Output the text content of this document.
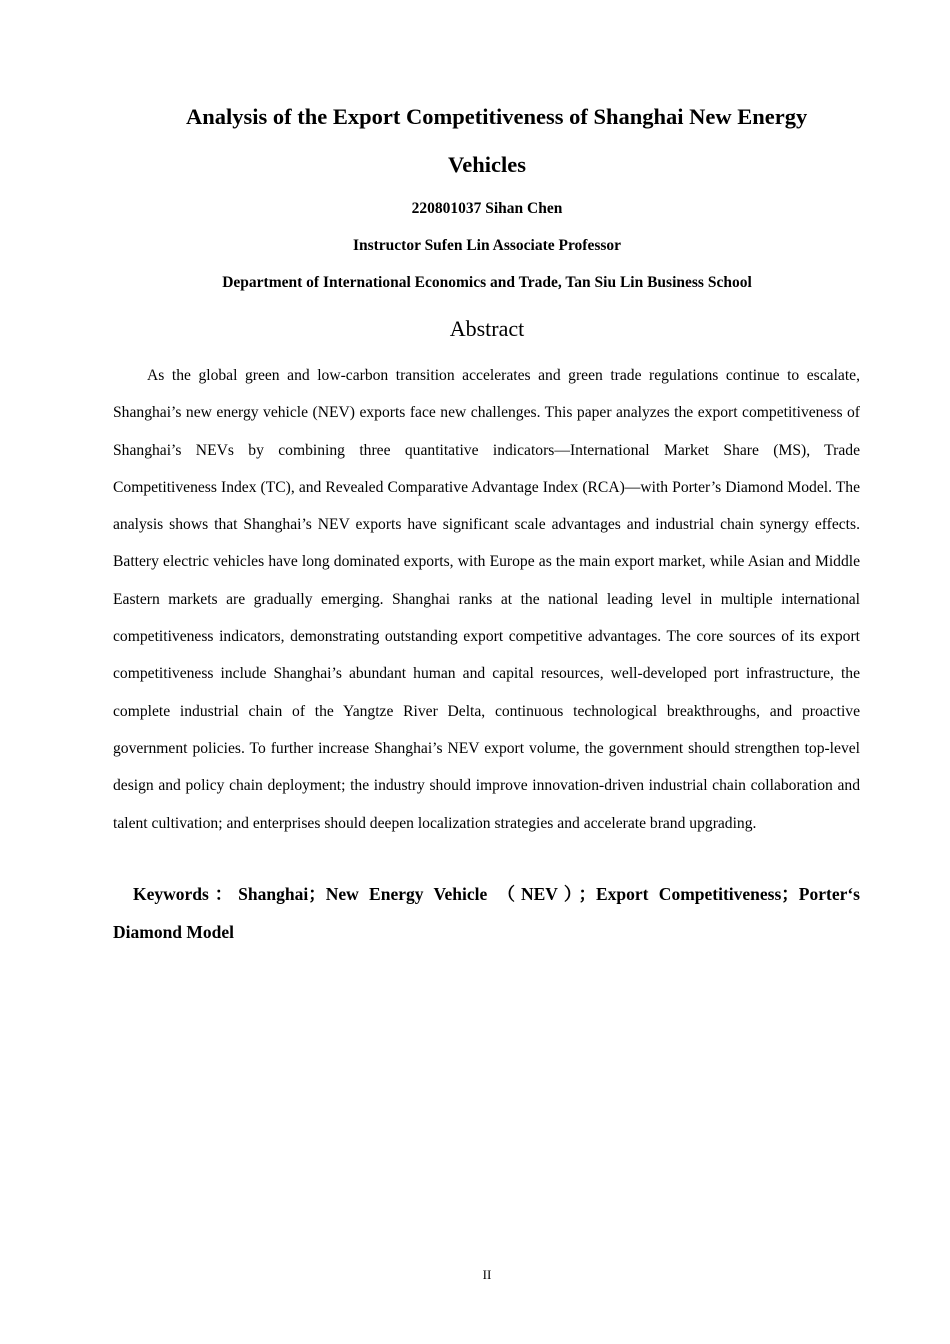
Analysis of the Export Competitiveness of Shanghai New Energy
Vehicles
220801037 Sihan Chen
Instructor Sufen Lin Associate Professor
Department of International Economics and Trade, Tan Siu Lin Business School
Abstract

As the global green and low-carbon transition accelerates and green trade regulations continue to escalate, Shanghai’s new energy vehicle (NEV) exports face new challenges. This paper analyzes the export competitiveness of Shanghai’s NEVs by combining three quantitative indicators—International Market Share (MS), Trade Competitiveness Index (TC), and Revealed Comparative Advantage Index (RCA)—with Porter’s Diamond Model. The analysis shows that Shanghai’s NEV exports have significant scale advantages and industrial chain synergy effects. Battery electric vehicles have long dominated exports, with Europe as the main export market, while Asian and Middle Eastern markets are gradually emerging. Shanghai ranks at the national leading level in multiple international competitiveness indicators, demonstrating outstanding export competitive advantages. The core sources of its export competitiveness include Shanghai’s abundant human and capital resources, well-developed port infrastructure, the complete industrial chain of the Yangtze River Delta, continuous technological breakthroughs, and proactive government policies. To further increase Shanghai’s NEV export volume, the government should strengthen top-level design and policy chain deployment; the industry should improve innovation-driven industrial chain collaboration and talent cultivation; and enterprises should deepen localization strategies and accelerate brand upgrading.

Keywords：Shanghai；New Energy Vehicle （NEV）；Export Competitiveness；Porter‘s Diamond Model

II
